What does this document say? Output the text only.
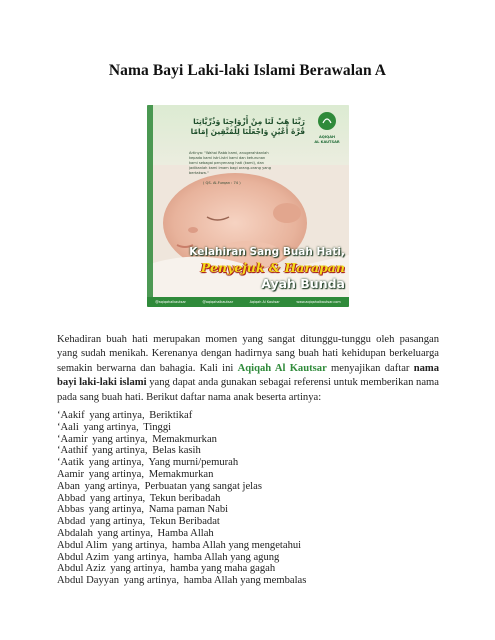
Nama Bayi Laki-laki Islami Berawalan A
رَبَّنَا هَبْ لَنَا مِنْ أَزْوَاجِنَا وَذُرِّيَّاتِنَا
قُرَّةَ أَعْيُنٍ وَاجْعَلْنَا لِلْمُتَّقِينَ إِمَامًا
Artinya: "Wahai Rabb kami, anugerahkanlah kepada kami istri-istri kami dan keturunan kami sebagai penyenang hati (kami), dan jadikanlah kami imam bagi orang-orang yang bertakwa."
( QS. Al-Furqan : 74 )
AQIQAH
AL KAUTSAR
Kelahiran Sang Buah Hati,
Penyejuk & Harapan
Ayah Bunda
@aqiqahalkautsar	@aqiqahalkautsar	Aqiqah Al Kautsar	www.aqiqahalkautsar.com

Kehadiran buah hati merupakan momen yang sangat ditunggu-tunggu oleh pasangan yang sudah menikah. Kerenanya dengan hadirnya sang buah hati kehidupan berkeluarga semakin berwarna dan bahagia. Kali ini Aqiqah Al Kautsar menyajikan daftar nama bayi laki-laki islami yang dapat anda gunakan sebagai referensi untuk memberikan nama pada sang buah hati. Berikut daftar nama anak beserta artinya:

‘Aakif yang artinya, Beriktikaf
‘Aali yang artinya, Tinggi
‘Aamir yang artinya, Memakmurkan
‘Aathif yang artinya, Belas kasih
‘Aatik yang artinya, Yang murni/pemurah
Aamir yang artinya, Memakmurkan
Aban yang artinya, Perbuatan yang sangat jelas
Abbad yang artinya, Tekun beribadah
Abbas yang artinya, Nama paman Nabi
Abdad yang artinya, Tekun Beribadat
Abdalah yang artinya, Hamba Allah
Abdul Alim yang artinya, hamba Allah yang mengetahui
Abdul Azim yang artinya, hamba Allah yang agung
Abdul Aziz yang artinya, hamba yang maha gagah
Abdul Dayyan yang artinya, hamba Allah yang membalas
